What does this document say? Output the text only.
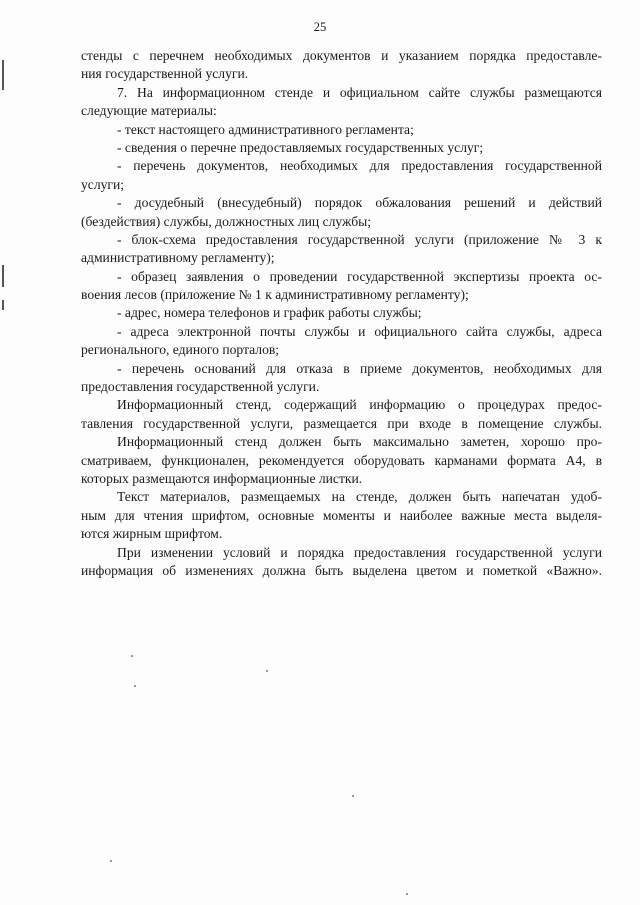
25
стенды с перечнем необходимых документов и указанием порядка предоставле-
ния государственной услуги.
7. На информационном стенде и официальном сайте службы размещаются
следующие материалы:
- текст настоящего административного регламента;
- сведения о перечне предоставляемых государственных услуг;
- перечень документов, необходимых для предоставления государственной
услуги;
- досудебный (внесудебный) порядок обжалования решений и действий
(бездействия) службы, должностных лиц службы;
- блок-схема предоставления государственной услуги (приложение № 3 к
административному регламенту);
- образец заявления о проведении государственной экспертизы проекта ос-
воения лесов (приложение № 1 к административному регламенту);
- адрес, номера телефонов и график работы службы;
- адреса электронной почты службы и официального сайта службы, адреса
регионального, единого порталов;
- перечень оснований для отказа в приеме документов, необходимых для
предоставления государственной услуги.
Информационный стенд, содержащий информацию о процедурах предос-
тавления государственной услуги, размещается при входе в помещение службы.
Информационный стенд должен быть максимально заметен, хорошо про-
сматриваем, функционален, рекомендуется оборудовать карманами формата А4, в
которых размещаются информационные листки.
Текст материалов, размещаемых на стенде, должен быть напечатан удоб-
ным для чтения шрифтом, основные моменты и наиболее важные места выделя-
ются жирным шрифтом.
При изменении условий и порядка предоставления государственной услуги
информация об изменениях должна быть выделена цветом и пометкой «Важно».
